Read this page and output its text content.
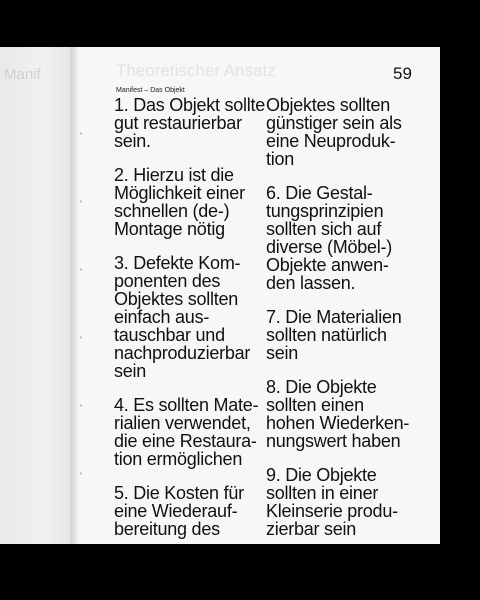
Manif	Theoretischer Ansatz	59
Manifest – Das Objekt
1. Das Objekt sollte
gut restaurierbar
sein.
2. Hierzu ist die
Möglichkeit einer
schnellen (de-)
Montage nötig
3. Defekte Kom-
ponenten des
Objektes sollten
einfach aus-
tauschbar und
nachproduzierbar
sein
4. Es sollten Mate-
rialien verwendet,
die eine Restaura-
tion ermöglichen
5. Die Kosten für
eine Wiederauf-
bereitung des
Objektes sollten
günstiger sein als
eine Neuproduk-
tion
6. Die Gestal-
tungsprinzipien
sollten sich auf
diverse (Möbel-)
Objekte anwen-
den lassen.
7. Die Materialien
sollten natürlich
sein
8. Die Objekte
sollten einen
hohen Wiederken-
nungswert haben
9. Die Objekte
sollten in einer
Kleinserie produ-
zierbar sein
